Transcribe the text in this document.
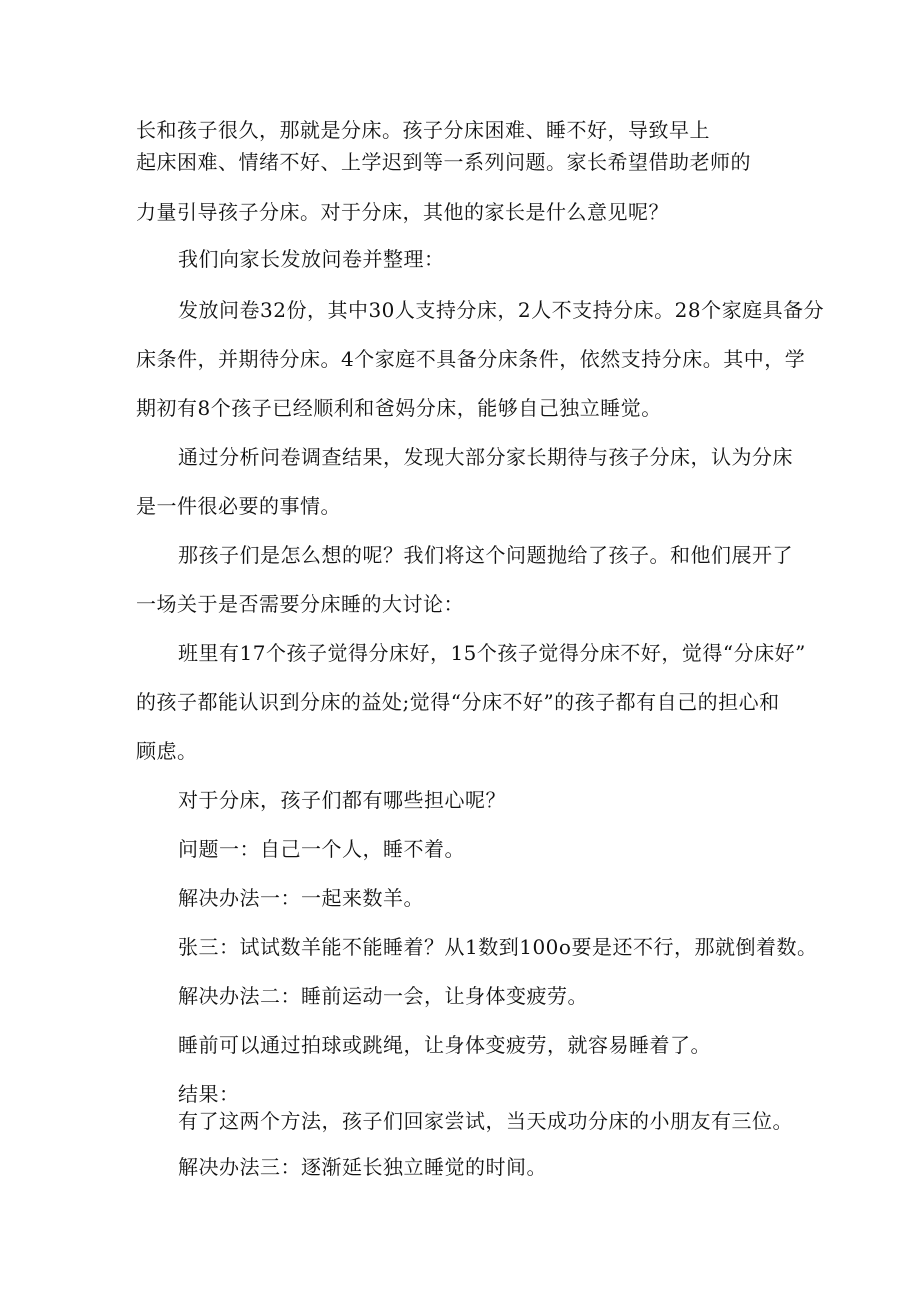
长和孩子很久，那就是分床。孩子分床困难、睡不好，导致早上
起床困难、情绪不好、上学迟到等一系列问题。家长希望借助老师的
力量引导孩子分床。对于分床，其他的家长是什么意见呢？
我们向家长发放问卷并整理：
发放问卷32份，其中30人支持分床，2人不支持分床。28个家庭具备分
床条件，并期待分床。4个家庭不具备分床条件，依然支持分床。其中，学
期初有8个孩子已经顺利和爸妈分床，能够自己独立睡觉。
通过分析问卷调查结果，发现大部分家长期待与孩子分床，认为分床
是一件很必要的事情。
那孩子们是怎么想的呢？我们将这个问题抛给了孩子。和他们展开了
一场关于是否需要分床睡的大讨论：
班里有17个孩子觉得分床好，15个孩子觉得分床不好，觉得“分床好”
的孩子都能认识到分床的益处;觉得“分床不好”的孩子都有自己的担心和
顾虑。
对于分床，孩子们都有哪些担心呢？
问题一：自己一个人，睡不着。
解决办法一：一起来数羊。
张三：试试数羊能不能睡着？从1数到100o要是还不行，那就倒着数。
解决办法二：睡前运动一会，让身体变疲劳。
睡前可以通过拍球或跳绳，让身体变疲劳，就容易睡着了。
结果：
有了这两个方法，孩子们回家尝试，当天成功分床的小朋友有三位。
解决办法三：逐渐延长独立睡觉的时间。
